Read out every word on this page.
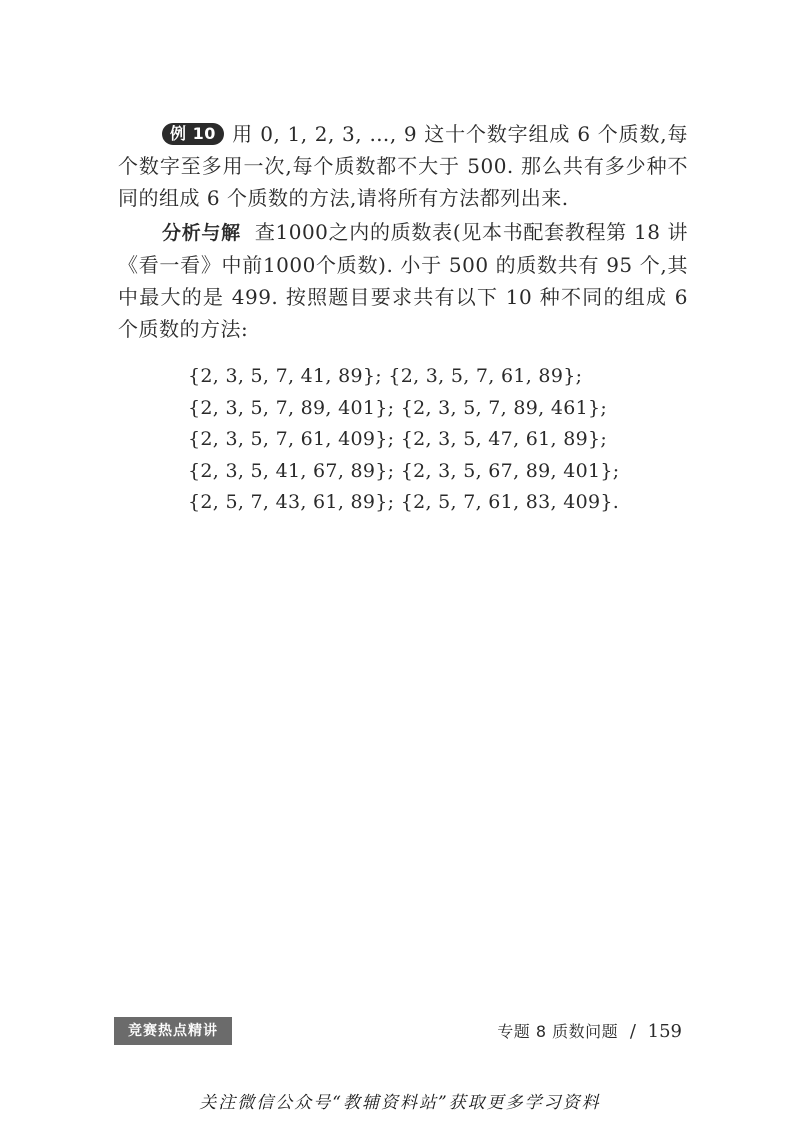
例 10 用 0, 1, 2, 3, …, 9 这十个数字组成 6 个质数,每个数字至多用一次,每个质数都不大于 500. 那么共有多少种不同的组成 6 个质数的方法,请将所有方法都列出来.

分析与解 查1000之内的质数表(见本书配套教程第 18 讲《看一看》中前1000个质数). 小于 500 的质数共有 95 个,其中最大的是 499. 按照题目要求共有以下 10 种不同的组成 6 个质数的方法:

{2, 3, 5, 7, 41, 89}; {2, 3, 5, 7, 61, 89};
{2, 3, 5, 7, 89, 401}; {2, 3, 5, 7, 89, 461};
{2, 3, 5, 7, 61, 409}; {2, 3, 5, 47, 61, 89};
{2, 3, 5, 41, 67, 89}; {2, 3, 5, 67, 89, 401};
{2, 5, 7, 43, 61, 89}; {2, 5, 7, 61, 83, 409}.
竞赛热点精讲	专题 8 质数问题 / 159
关注微信公众号“教辅资料站”获取更多学习资料
